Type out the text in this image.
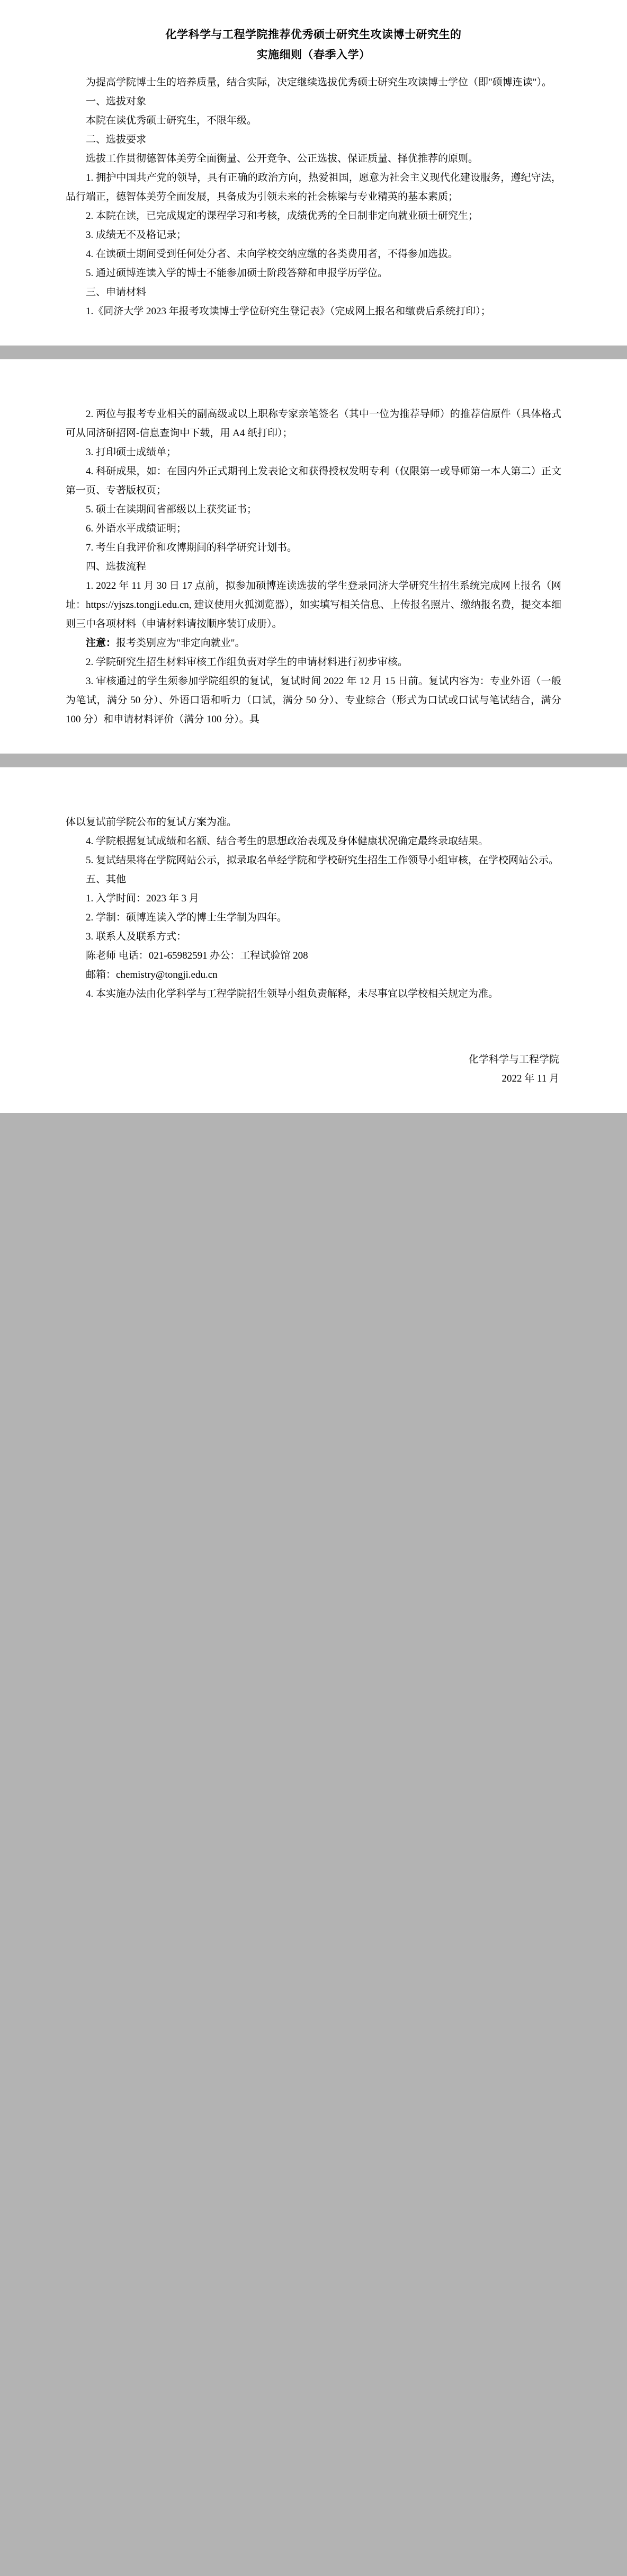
化学科学与工程学院推荐优秀硕士研究生攻读博士研究生的
实施细则（春季入学）

为提高学院博士生的培养质量，结合实际，决定继续选拔优秀硕士研究生攻读博士学位（即"硕博连读"）。

一、选拔对象

本院在读优秀硕士研究生，不限年级。

二、选拔要求

选拔工作贯彻德智体美劳全面衡量、公开竞争、公正选拔、保证质量、择优推荐的原则。

1. 拥护中国共产党的领导，具有正确的政治方向，热爱祖国，愿意为社会主义现代化建设服务，遵纪守法，品行端正，德智体美劳全面发展，具备成为引领未来的社会栋梁与专业精英的基本素质；

2. 本院在读，已完成规定的课程学习和考核，成绩优秀的全日制非定向就业硕士研究生；

3. 成绩无不及格记录；

4. 在读硕士期间受到任何处分者、未向学校交纳应缴的各类费用者，不得参加选拔。

5. 通过硕博连读入学的博士不能参加硕士阶段答辩和申报学历学位。

三、申请材料

1.《同济大学 2023 年报考攻读博士学位研究生登记表》（完成网上报名和缴费后系统打印）；

2. 两位与报考专业相关的副高级或以上职称专家亲笔签名（其中一位为推荐导师）的推荐信原件（具体格式可从同济研招网-信息查询中下载，用 A4 纸打印）；

3. 打印硕士成绩单；

4. 科研成果，如：在国内外正式期刊上发表论文和获得授权发明专利（仅限第一或导师第一本人第二）正文第一页、专著版权页；

5. 硕士在读期间省部级以上获奖证书；

6. 外语水平成绩证明；

7. 考生自我评价和攻博期间的科学研究计划书。

四、选拔流程

1. 2022 年 11 月 30 日 17 点前，拟参加硕博连读选拔的学生登录同济大学研究生招生系统完成网上报名（网址：https://yjszs.tongji.edu.cn, 建议使用火狐浏览器），如实填写相关信息、上传报名照片、缴纳报名费，提交本细则三中各项材料（申请材料请按顺序装订成册）。

注意：报考类别应为"非定向就业"。

2. 学院研究生招生材料审核工作组负责对学生的申请材料进行初步审核。

3. 审核通过的学生须参加学院组织的复试，复试时间 2022 年 12 月 15 日前。复试内容为：专业外语（一般为笔试，满分 50 分）、外语口语和听力（口试，满分 50 分）、专业综合（形式为口试或口试与笔试结合，满分 100 分）和申请材料评价（满分 100 分）。具

体以复试前学院公布的复试方案为准。

4. 学院根据复试成绩和名额、结合考生的思想政治表现及身体健康状况确定最终录取结果。

5. 复试结果将在学院网站公示，拟录取名单经学院和学校研究生招生工作领导小组审核，在学校网站公示。

五、其他

1. 入学时间：2023 年 3 月

2. 学制：硕博连读入学的博士生学制为四年。

3. 联系人及联系方式：

陈老师 电话：021-65982591 办公：工程试验馆 208

邮箱：chemistry@tongji.edu.cn

4. 本实施办法由化学科学与工程学院招生领导小组负责解释，未尽事宜以学校相关规定为准。

化学科学与工程学院
2022 年 11 月
